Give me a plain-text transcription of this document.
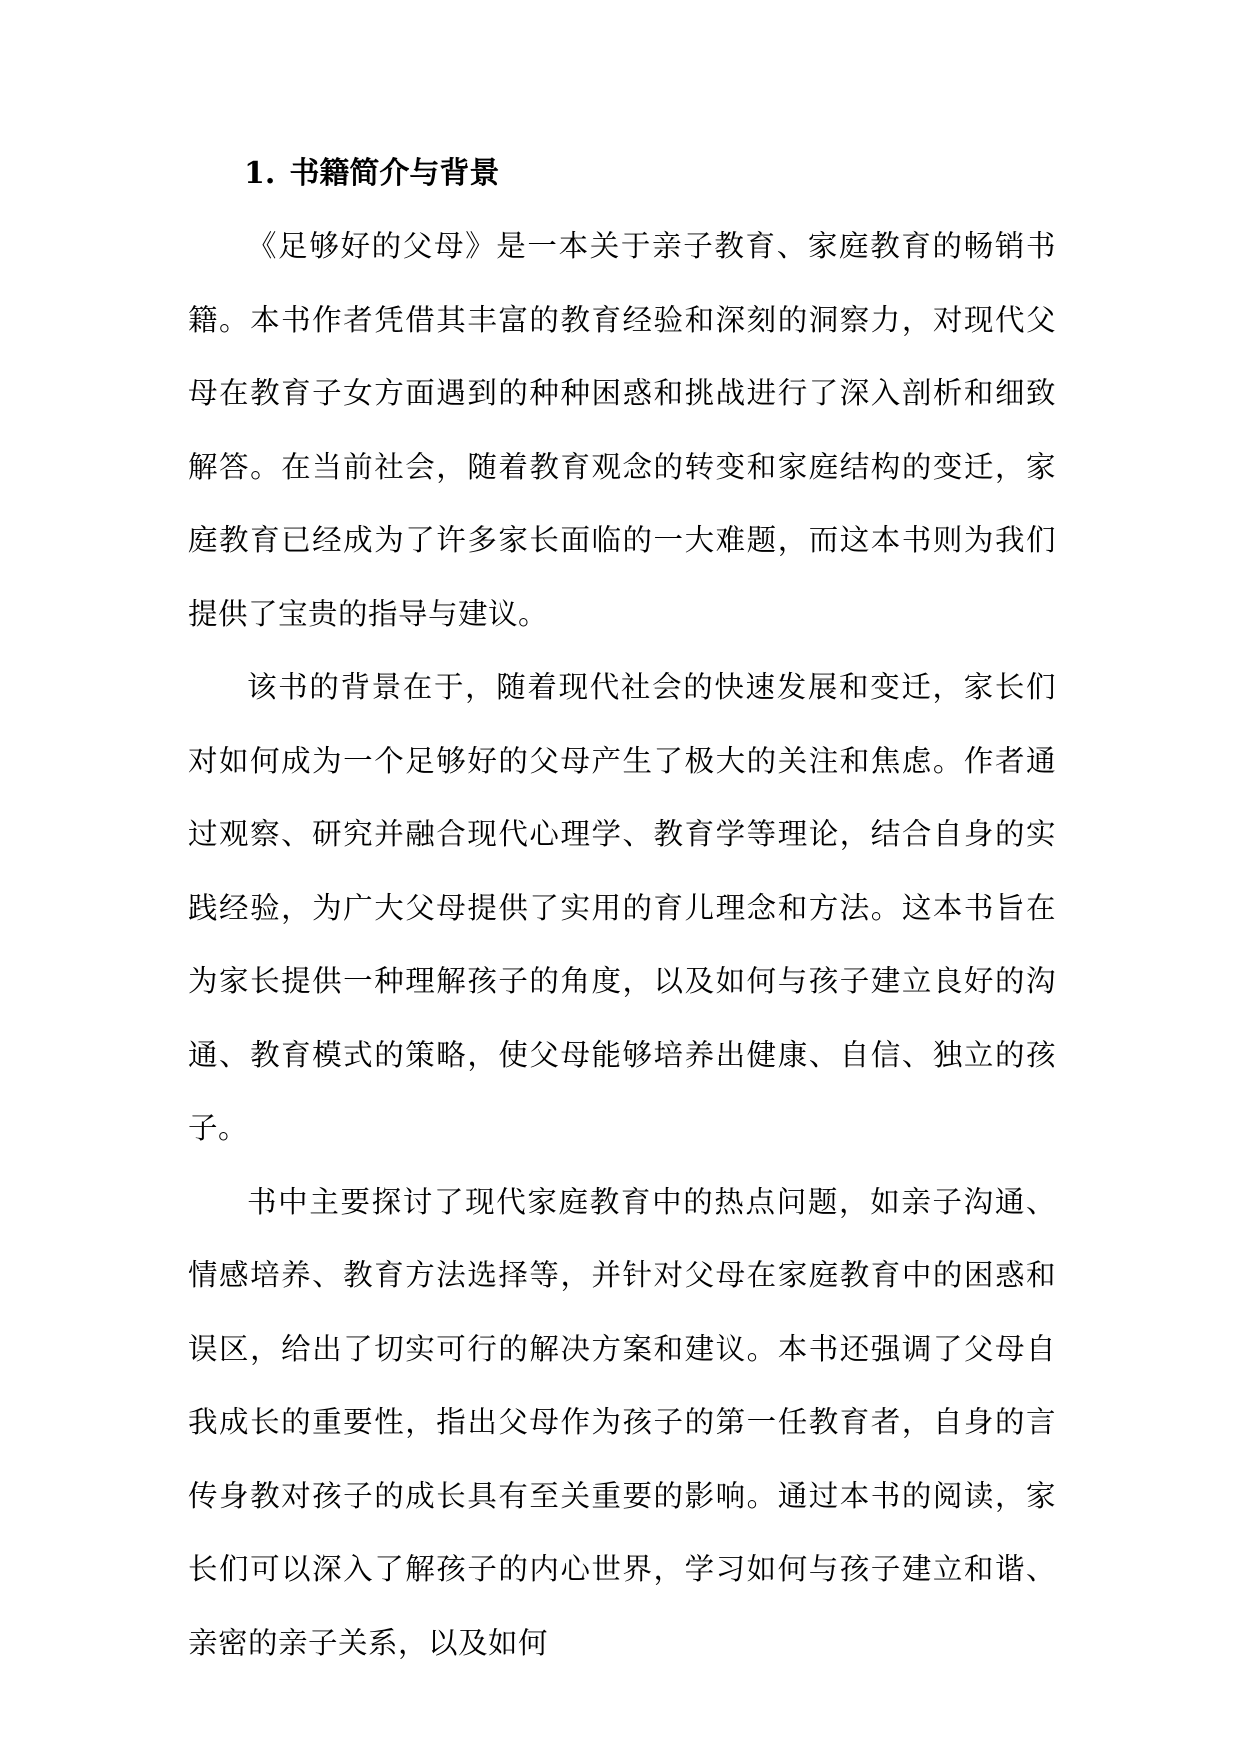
1. 书籍简介与背景

《足够好的父母》是一本关于亲子教育、家庭教育的畅销书籍。本书作者凭借其丰富的教育经验和深刻的洞察力，对现代父母在教育子女方面遇到的种种困惑和挑战进行了深入剖析和细致解答。在当前社会，随着教育观念的转变和家庭结构的变迁，家庭教育已经成为了许多家长面临的一大难题，而这本书则为我们提供了宝贵的指导与建议。

该书的背景在于，随着现代社会的快速发展和变迁，家长们对如何成为一个足够好的父母产生了极大的关注和焦虑。作者通过观察、研究并融合现代心理学、教育学等理论，结合自身的实践经验，为广大父母提供了实用的育儿理念和方法。这本书旨在为家长提供一种理解孩子的角度，以及如何与孩子建立良好的沟通、教育模式的策略，使父母能够培养出健康、自信、独立的孩子。

书中主要探讨了现代家庭教育中的热点问题，如亲子沟通、情感培养、教育方法选择等，并针对父母在家庭教育中的困惑和误区，给出了切实可行的解决方案和建议。本书还强调了父母自我成长的重要性，指出父母作为孩子的第一任教育者，自身的言传身教对孩子的成长具有至关重要的影响。通过本书的阅读，家长们可以深入了解孩子的内心世界，学习如何与孩子建立和谐、亲密的亲子关系，以及如何
